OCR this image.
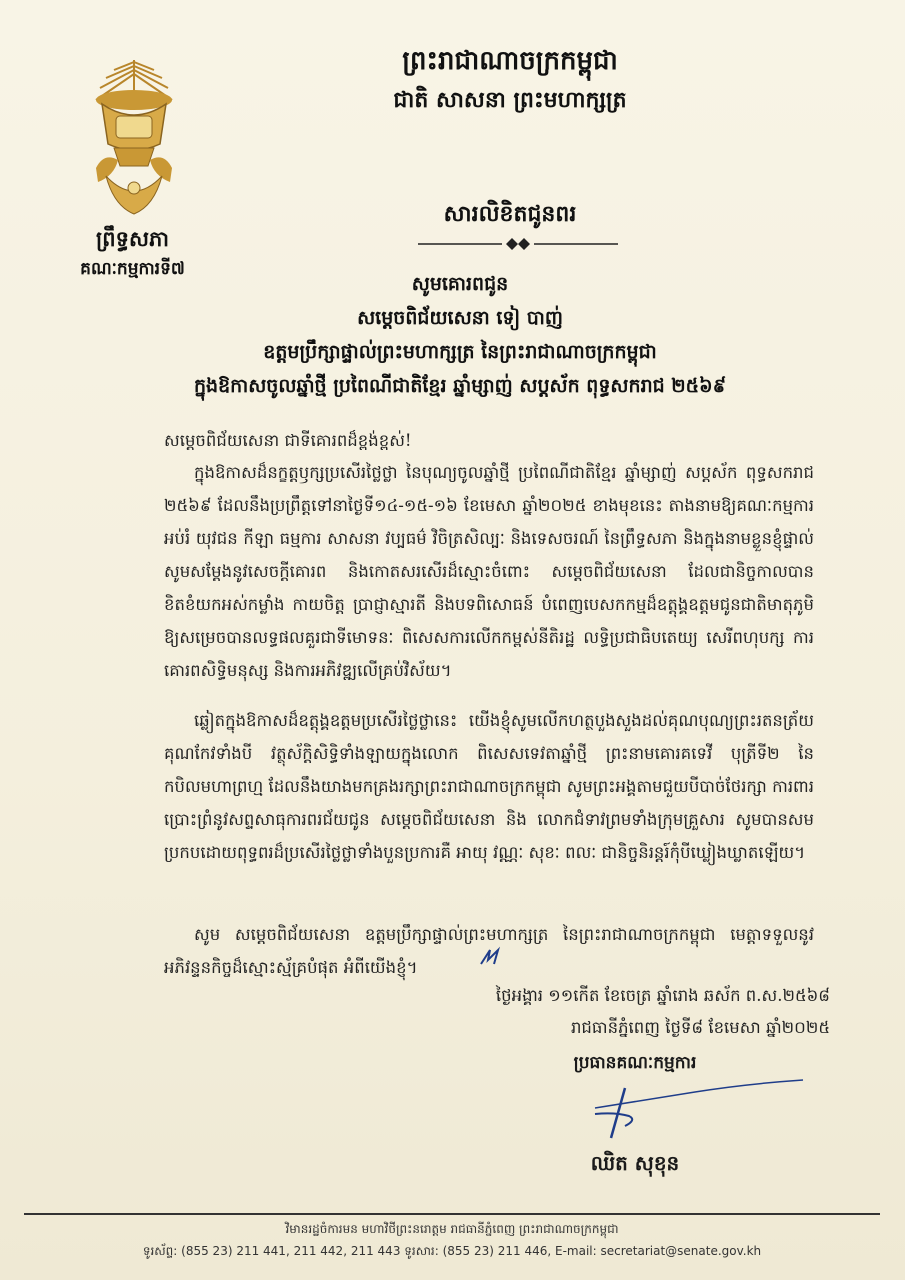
ព្រឹទ្ធសភា
គណៈកម្មការទី៧
ព្រះរាជាណាចក្រកម្ពុជា
ជាតិ សាសនា ព្រះមហាក្សត្រ
សារលិខិតជូនពរ
សូមគោរពជូន
សម្ដេចពិជ័យសេនា ទៀ បាញ់
ឧត្ដមប្រឹក្សាផ្ទាល់ព្រះមហាក្សត្រ នៃព្រះរាជាណាចក្រកម្ពុជា
ក្នុងឱកាសចូលឆ្នាំថ្មី ប្រពៃណីជាតិខ្មែរ ឆ្នាំម្សាញ់ សប្តស័ក ពុទ្ធសករាជ ២៥៦៩
សម្ដេចពិជ័យសេនា ជាទីគោរពដ៏ខ្ពង់ខ្ពស់!
ក្នុងឱកាសដ៏នក្ខត្តឫក្សប្រសើរថ្លៃថ្លា នៃបុណ្យចូលឆ្នាំថ្មី ប្រពៃណីជាតិខ្មែរ ឆ្នាំម្សាញ់ សប្តស័ក ពុទ្ធសករាជ ២៥៦៩ ដែលនឹងប្រព្រឹត្តទៅនាថ្ងៃទី១៤-១៥-១៦ ខែមេសា ឆ្នាំ២០២៥ ខាងមុខនេះ តាងនាមឱ្យគណៈកម្មការអប់រំ យុវជន កីឡា ធម្មការ សាសនា វប្បធម៌ វិចិត្រសិល្បៈ និងទេសចរណ៍ នៃព្រឹទ្ធសភា និងក្នុងនាមខ្លួនខ្ញុំផ្ទាល់ សូមសម្ដែងនូវសេចក្ដីគោរព និងកោតសរសើរដ៏ស្មោះចំពោះ សម្ដេចពិជ័យសេនា ដែលជានិច្ចកាលបានខិតខំយកអស់កម្លាំង កាយចិត្ត ប្រាជ្ញាស្មារតី និងបទពិសោធន៍ បំពេញបេសកកម្មដ៏ឧត្តុង្គឧត្តមជូនជាតិមាតុភូមិ ឱ្យសម្រេចបានលទ្ធផលគួរជាទីមោទនៈ ពិសេសការលើកកម្ពស់នីតិរដ្ឋ លទ្ធិប្រជាធិបតេយ្យ សេរីពហុបក្ស ការគោរពសិទ្ធិមនុស្ស និងការអភិវឌ្ឍលើគ្រប់វិស័យ។
ឆ្លៀតក្នុងឱកាសដ៏ឧត្តុង្គឧត្តមប្រសើរថ្លៃថ្លានេះ យើងខ្ញុំសូមលើកហត្ថបួងសួងដល់គុណបុណ្យព្រះរតនត្រ័យគុណកែវទាំងបី វត្ថុស័ក្តិសិទ្ធិទាំងឡាយក្នុងលោក ពិសេសទេវតាឆ្នាំថ្មី ព្រះនាមគោរគទេវី បុត្រីទី២ នៃកបិលមហាព្រហ្ម ដែលនឹងយាងមកគ្រងរក្សាព្រះរាជាណាចក្រកម្ពុជា សូមព្រះអង្គតាមជួយបីបាច់ថែរក្សា ការពារ ប្រោះព្រំនូវសព្ទសាធុការពរជ័យជូន សម្ដេចពិជ័យសេនា និង លោកជំទាវព្រមទាំងក្រុមគ្រួសារ សូមបានសមប្រកបដោយពុទ្ធពរដ៏ប្រសើរថ្លៃថ្លាទាំងបួនប្រការគឺ អាយុ វណ្ណៈ សុខៈ ពលៈ ជានិច្ចនិរន្តរ៍កុំបីឃ្លៀងឃ្លាតឡើយ។
សូម សម្ដេចពិជ័យសេនា ឧត្តមប្រឹក្សាផ្ទាល់ព្រះមហាក្សត្រ នៃព្រះរាជាណាចក្រកម្ពុជា មេត្តាទទួលនូវអភិវន្ទនកិច្ចដ៏ស្មោះស្ម័គ្របំផុត អំពីយើងខ្ញុំ។
ថ្ងៃអង្គារ ១១កើត ខែចេត្រ ឆ្នាំរោង ឆស័ក ព.ស.២៥៦៨
រាជធានីភ្នំពេញ ថ្ងៃទី៨ ខែមេសា ឆ្នាំ២០២៥
ប្រធានគណៈកម្មការ
ឈិត សុខុន
វិមានរដ្ឋចំការមន មហាវិថីព្រះនរោត្តម រាជធានីភ្នំពេញ ព្រះរាជាណាចក្រកម្ពុជា
ទូរស័ព្ទ: (855 23) 211 441, 211 442, 211 443 ទូរសារ: (855 23) 211 446, E-mail: secretariat@senate.gov.kh
